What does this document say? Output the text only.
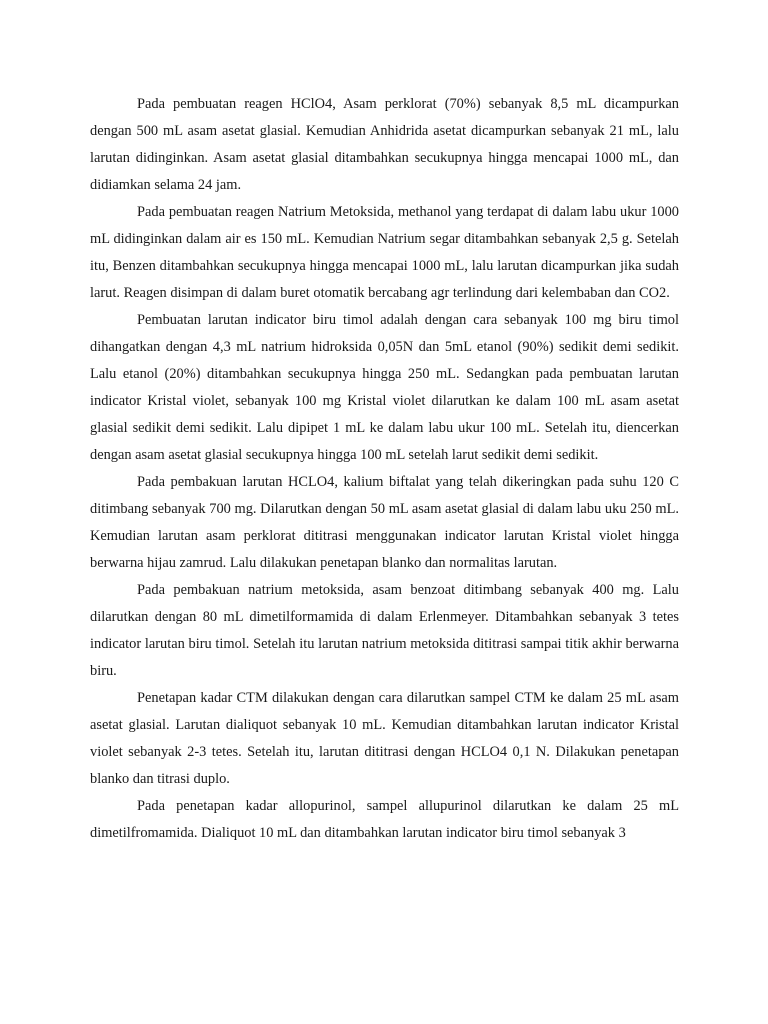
Pada pembuatan reagen HClO4, Asam perklorat (70%) sebanyak 8,5 mL dicampurkan dengan 500 mL asam asetat glasial. Kemudian Anhidrida asetat dicampurkan sebanyak 21 mL, lalu larutan didinginkan. Asam asetat glasial ditambahkan secukupnya hingga mencapai 1000 mL, dan didiamkan selama 24 jam.

Pada pembuatan reagen Natrium Metoksida, methanol yang terdapat di dalam labu ukur 1000 mL didinginkan dalam air es 150 mL. Kemudian Natrium segar ditambahkan sebanyak 2,5 g. Setelah itu, Benzen ditambahkan secukupnya hingga mencapai 1000 mL, lalu larutan dicampurkan jika sudah larut. Reagen disimpan di dalam buret otomatik bercabang agr terlindung dari kelembaban dan CO2.

Pembuatan larutan indicator biru timol adalah dengan cara sebanyak 100 mg biru timol dihangatkan dengan 4,3 mL natrium hidroksida 0,05N dan 5mL etanol (90%) sedikit demi sedikit. Lalu etanol (20%) ditambahkan secukupnya hingga 250 mL. Sedangkan pada pembuatan larutan indicator Kristal violet, sebanyak 100 mg Kristal violet dilarutkan ke dalam 100 mL asam asetat glasial sedikit demi sedikit. Lalu dipipet 1 mL ke dalam labu ukur 100 mL. Setelah itu, diencerkan dengan asam asetat glasial secukupnya hingga 100 mL setelah larut sedikit demi sedikit.

Pada pembakuan larutan HCLO4, kalium biftalat yang telah dikeringkan pada suhu 120 C ditimbang sebanyak 700 mg. Dilarutkan dengan 50 mL asam asetat glasial di dalam labu uku 250 mL. Kemudian larutan asam perklorat dititrasi menggunakan indicator larutan Kristal violet hingga berwarna hijau zamrud. Lalu dilakukan penetapan blanko dan normalitas larutan.

Pada pembakuan natrium metoksida, asam benzoat ditimbang sebanyak 400 mg. Lalu dilarutkan dengan 80 mL dimetilformamida di dalam Erlenmeyer. Ditambahkan sebanyak 3 tetes indicator larutan biru timol. Setelah itu larutan natrium metoksida dititrasi sampai titik akhir berwarna biru.

Penetapan kadar CTM dilakukan dengan cara dilarutkan sampel CTM ke dalam 25 mL asam asetat glasial. Larutan dialiquot sebanyak 10 mL. Kemudian ditambahkan larutan indicator Kristal violet sebanyak 2-3 tetes. Setelah itu, larutan dititrasi dengan HCLO4 0,1 N. Dilakukan penetapan blanko dan titrasi duplo.

Pada penetapan kadar allopurinol, sampel allupurinol dilarutkan ke dalam 25 mL dimetilfromamida. Dialiquot 10 mL dan ditambahkan larutan indicator biru timol sebanyak 3
